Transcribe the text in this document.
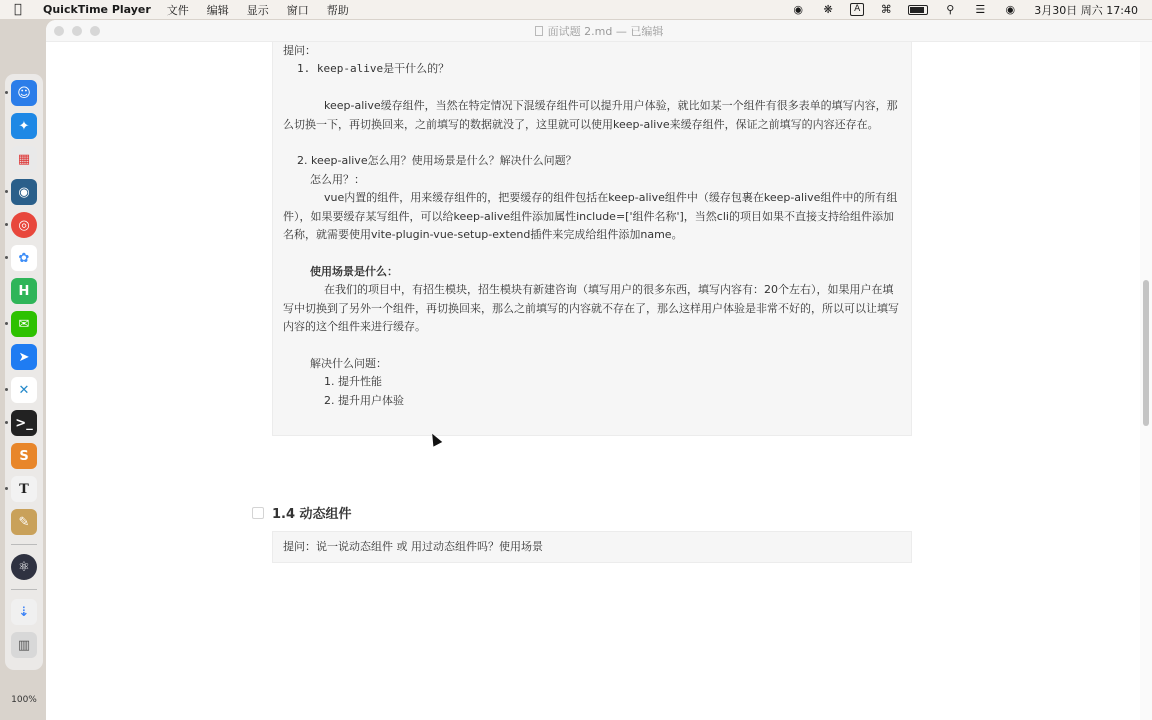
QuickTime Player 文件 编辑 显示 窗口 帮助	◉	❋	A	⌘	⚲	☰ ◉ 3月30日 周六 17:40
☺
✦
▦
◉
◎
✿
H
✉
➤
✕
>_
S
T
✎
⚛
⇣
▥
100%
面试题 2.md — 已编辑

提问：

1. keep-alive是干什么的？

keep-alive缓存组件，当然在特定情况下混缓存组件可以提升用户体验，就比如某一个组件有很多表单的填写内容，那么切换一下，再切换回来，之前填写的数据就没了，这里就可以使用keep-alive来缓存组件，保证之前填写的内容还存在。

2. keep-alive怎么用？使用场景是什么？解决什么问题？

怎么用？：

vue内置的组件，用来缓存组件的，把要缓存的组件包括在keep-alive组件中（缓存包裹在keep-alive组件中的所有组件），如果要缓存某写组件，可以给keep-alive组件添加属性include=['组件名称']，当然cli的项目如果不直接支持给组件添加名称，就需要使用vite-plugin-vue-setup-extend插件来完成给组件添加name。

使用场景是什么：

在我们的项目中，有招生模块，招生模块有新建咨询（填写用户的很多东西，填写内容有：20个左右），如果用户在填写中切换到了另外一个组件，再切换回来，那么之前填写的内容就不存在了，那么这样用户体验是非常不好的，所以可以让填写内容的这个组件来进行缓存。

解决什么问题：

1. 提升性能

2. 提升用户体验

1.4 动态组件

提问：说一说动态组件 或 用过动态组件吗？使用场景
